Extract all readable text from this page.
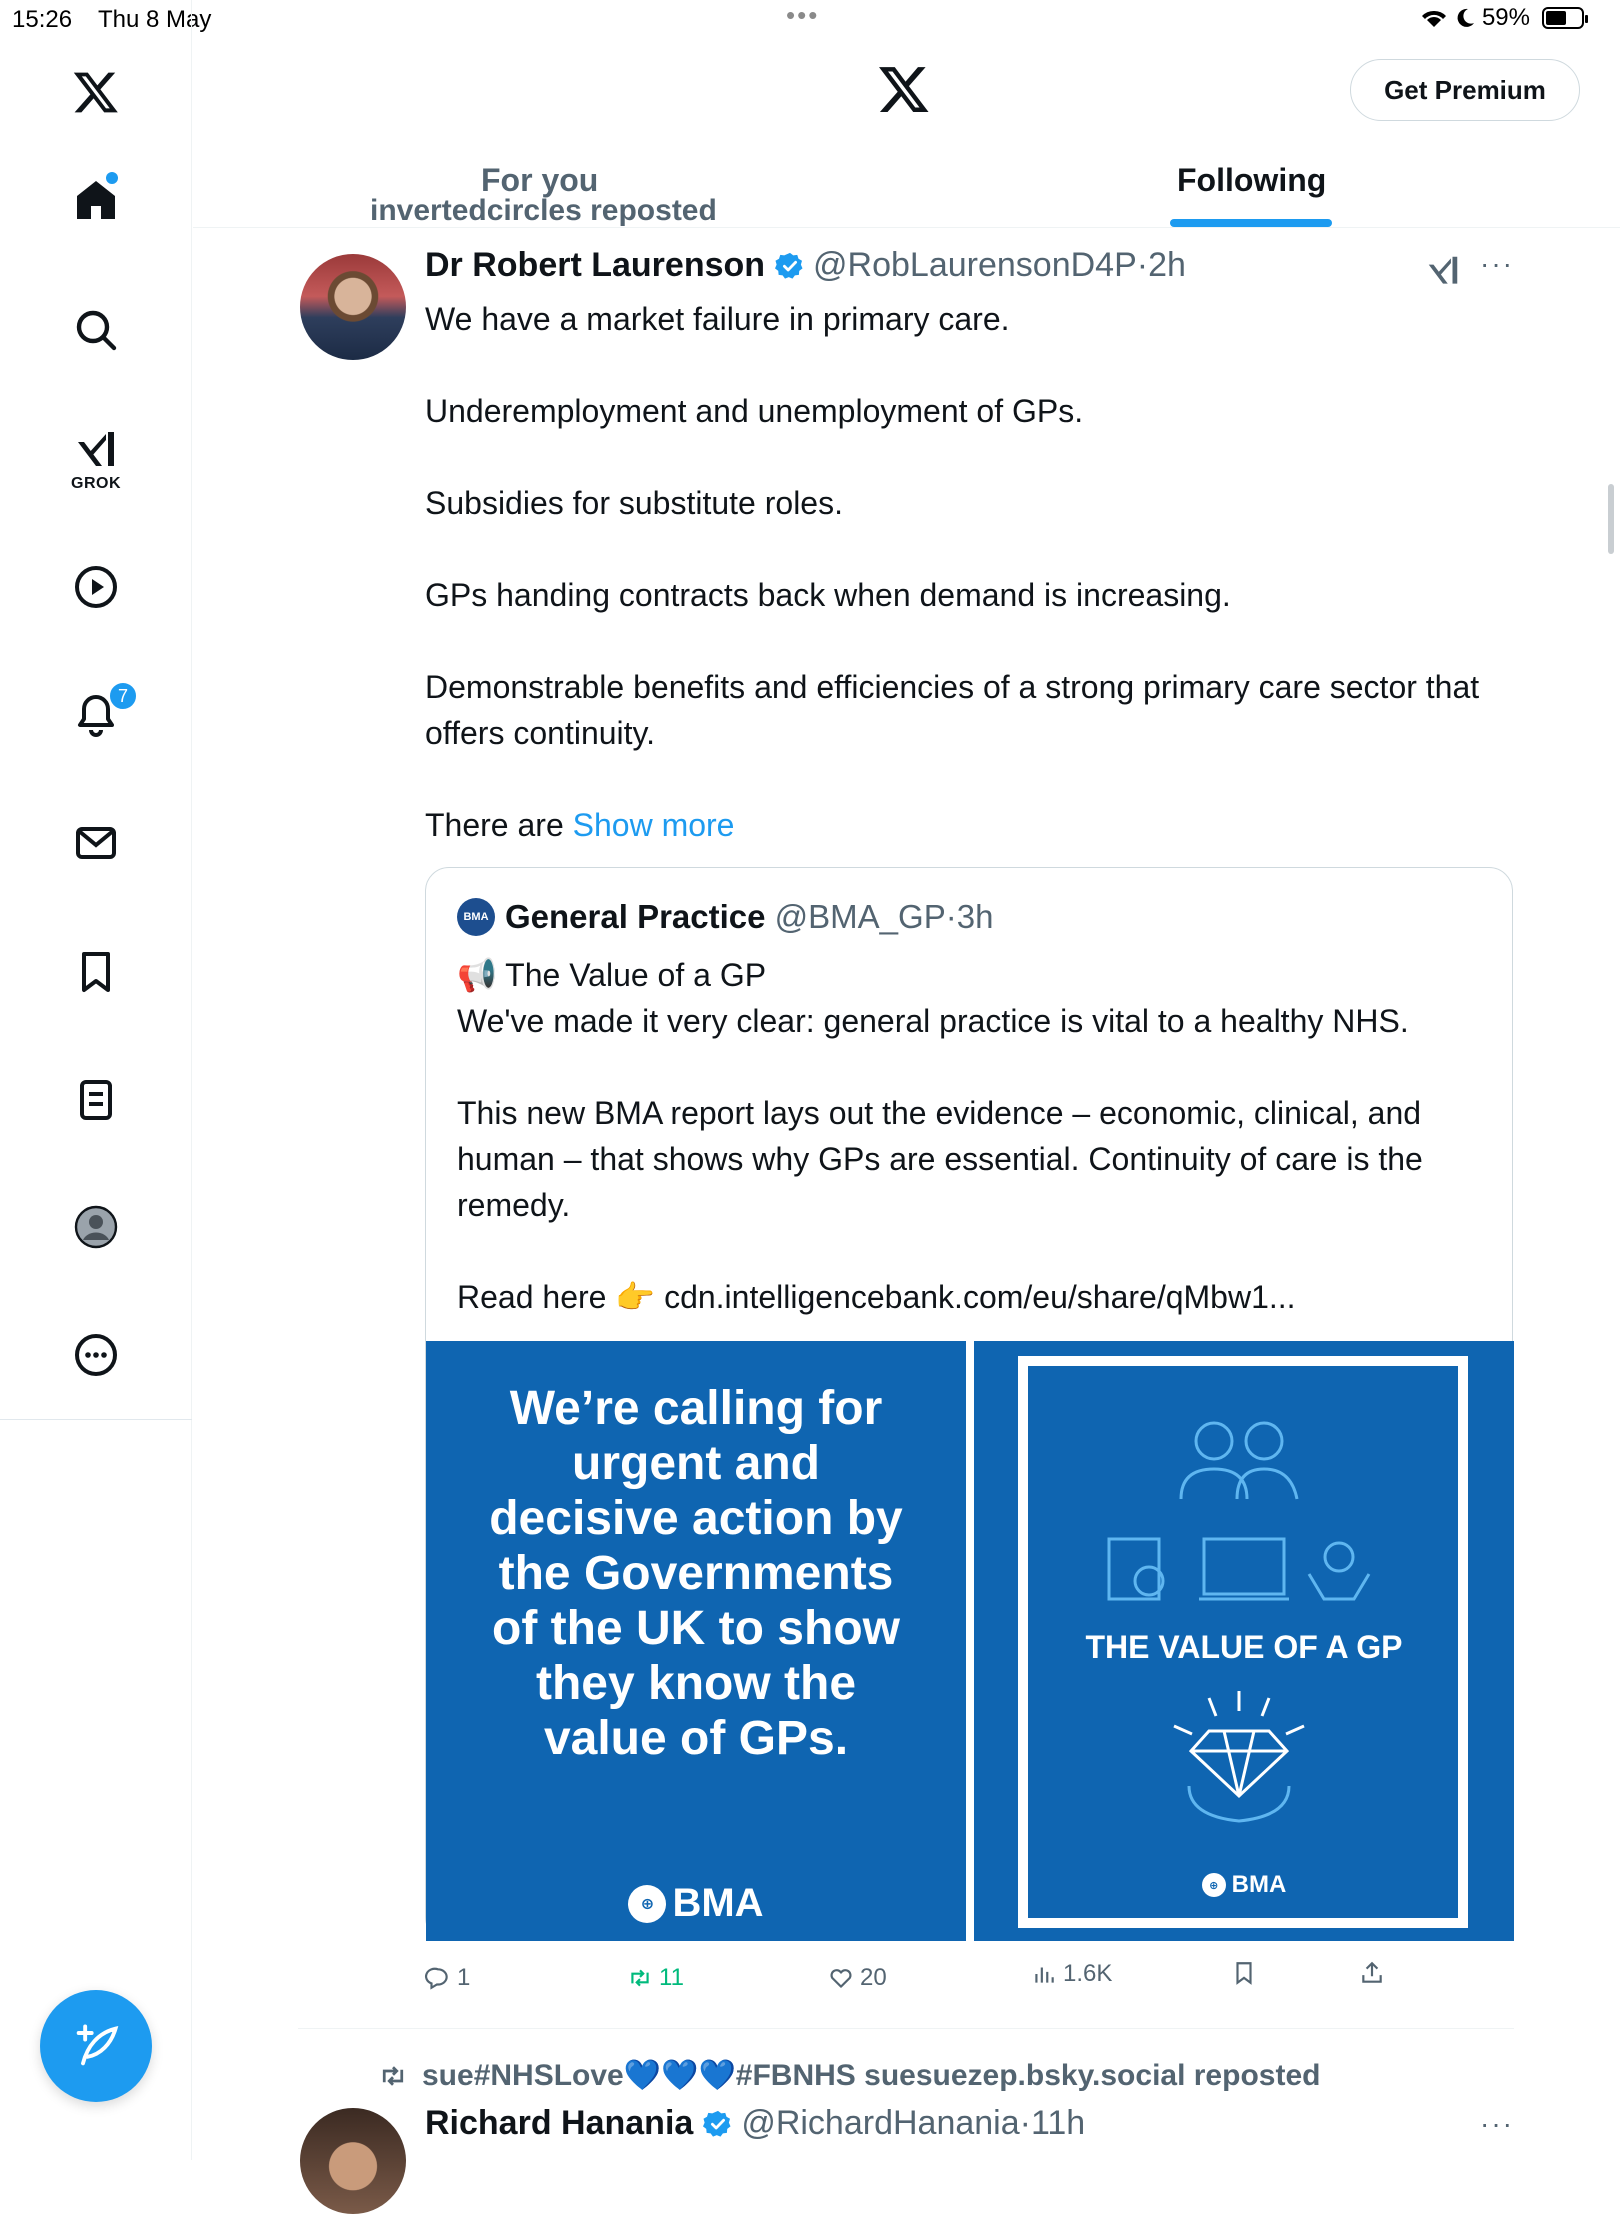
15:26 Thu 8 May	•••	59%
GROK
7
Get Premium
For you	Following
invertedcircles reposted
Dr Robert Laurenson @RobLaurensonD4P · 2h	···

We have a market failure in primary care.

Underemployment and unemployment of GPs.

Subsidies for substitute roles.

GPs handing contracts back when demand is increasing.

Demonstrable benefits and efficiencies of a strong primary care sector that offers continuity.

There are Show more

BMA General Practice
@BMA_GP · 3h
📢 The Value of a GP

We've made it very clear: general practice is vital to a healthy NHS.

This new BMA report lays out the evidence – economic, clinical, and human – that shows why GPs are essential. Continuity of care is the remedy.

Read here 👉 cdn.intelligencebank.com/eu/share/qMbw1...
We’re calling for urgent and decisive action by the Governments of the UK to show they know the value of GPs.
⊕ BMA
THE VALUE OF A GP
⊕ BMA
1	11	20	1.6K
sue#NHSLove💙💙💙#FBNHS suesuezep.bsky.social reposted
Richard Hanania @RichardHanania · 11h	···
